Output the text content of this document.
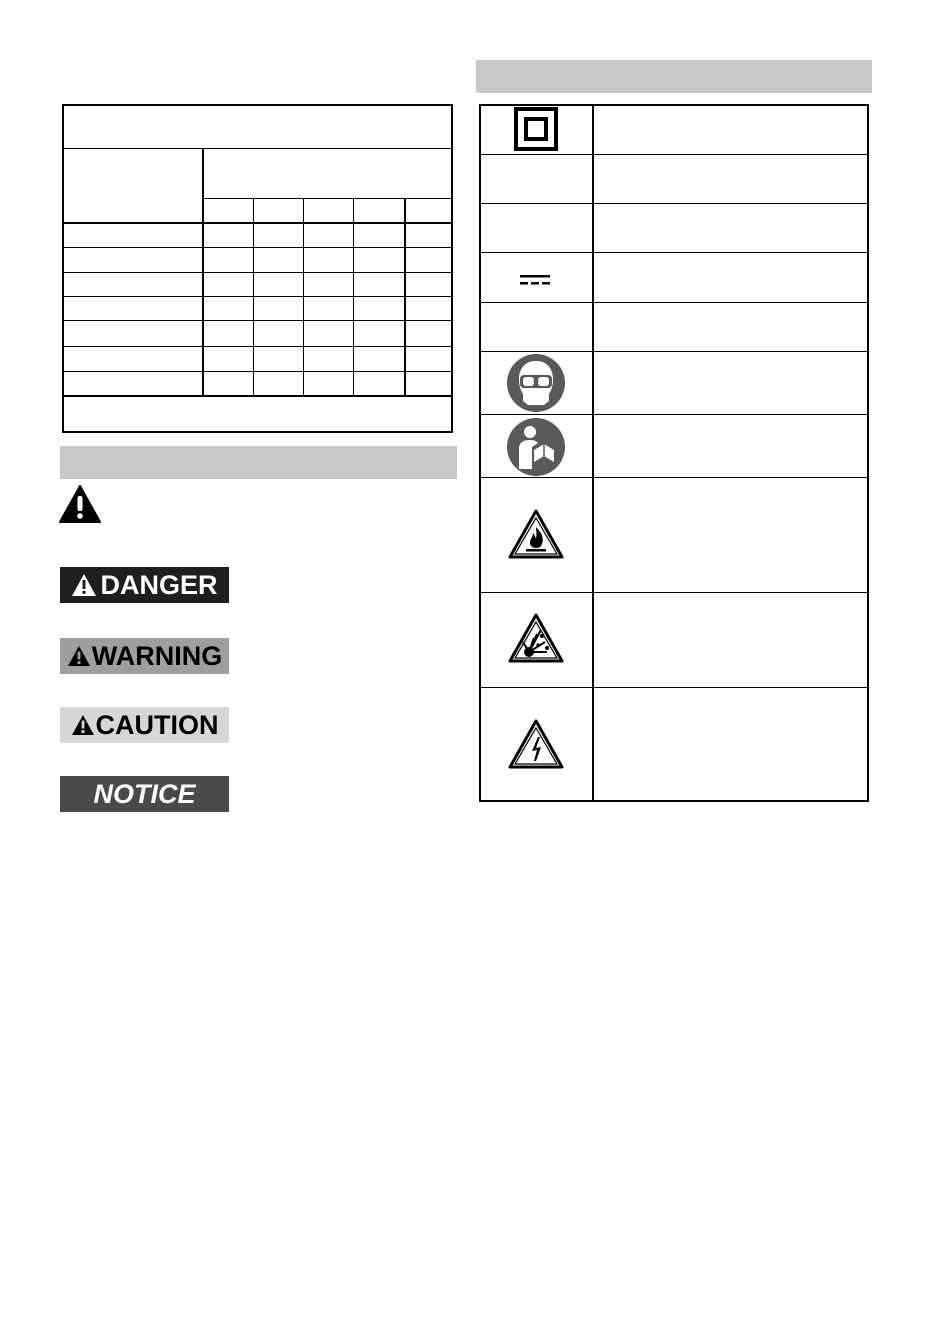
DANGER
WARNING
CAUTION
NOTICE
